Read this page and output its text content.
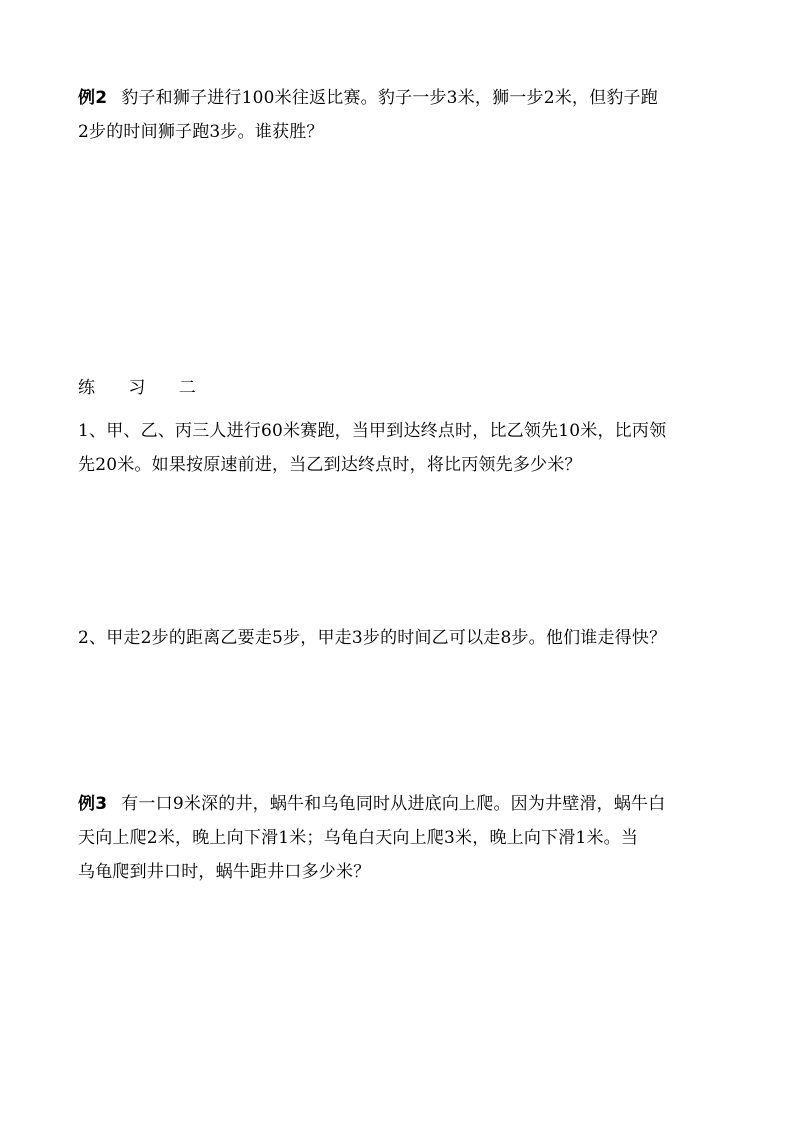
例2 豹子和狮子进行100米往返比赛。豹子一步3米，狮一步2米，但豹子跑
2步的时间狮子跑3步。谁获胜？
练 习 二
1、甲、乙、丙三人进行60米赛跑，当甲到达终点时，比乙领先10米，比丙领
先20米。如果按原速前进，当乙到达终点时，将比丙领先多少米？
2、甲走2步的距离乙要走5步，甲走3步的时间乙可以走8步。他们谁走得快？
例3 有一口9米深的井，蜗牛和乌龟同时从进底向上爬。因为井壁滑，蜗牛白
天向上爬2米，晚上向下滑1米；乌龟白天向上爬3米，晚上向下滑1米。当
乌龟爬到井口时，蜗牛距井口多少米？
